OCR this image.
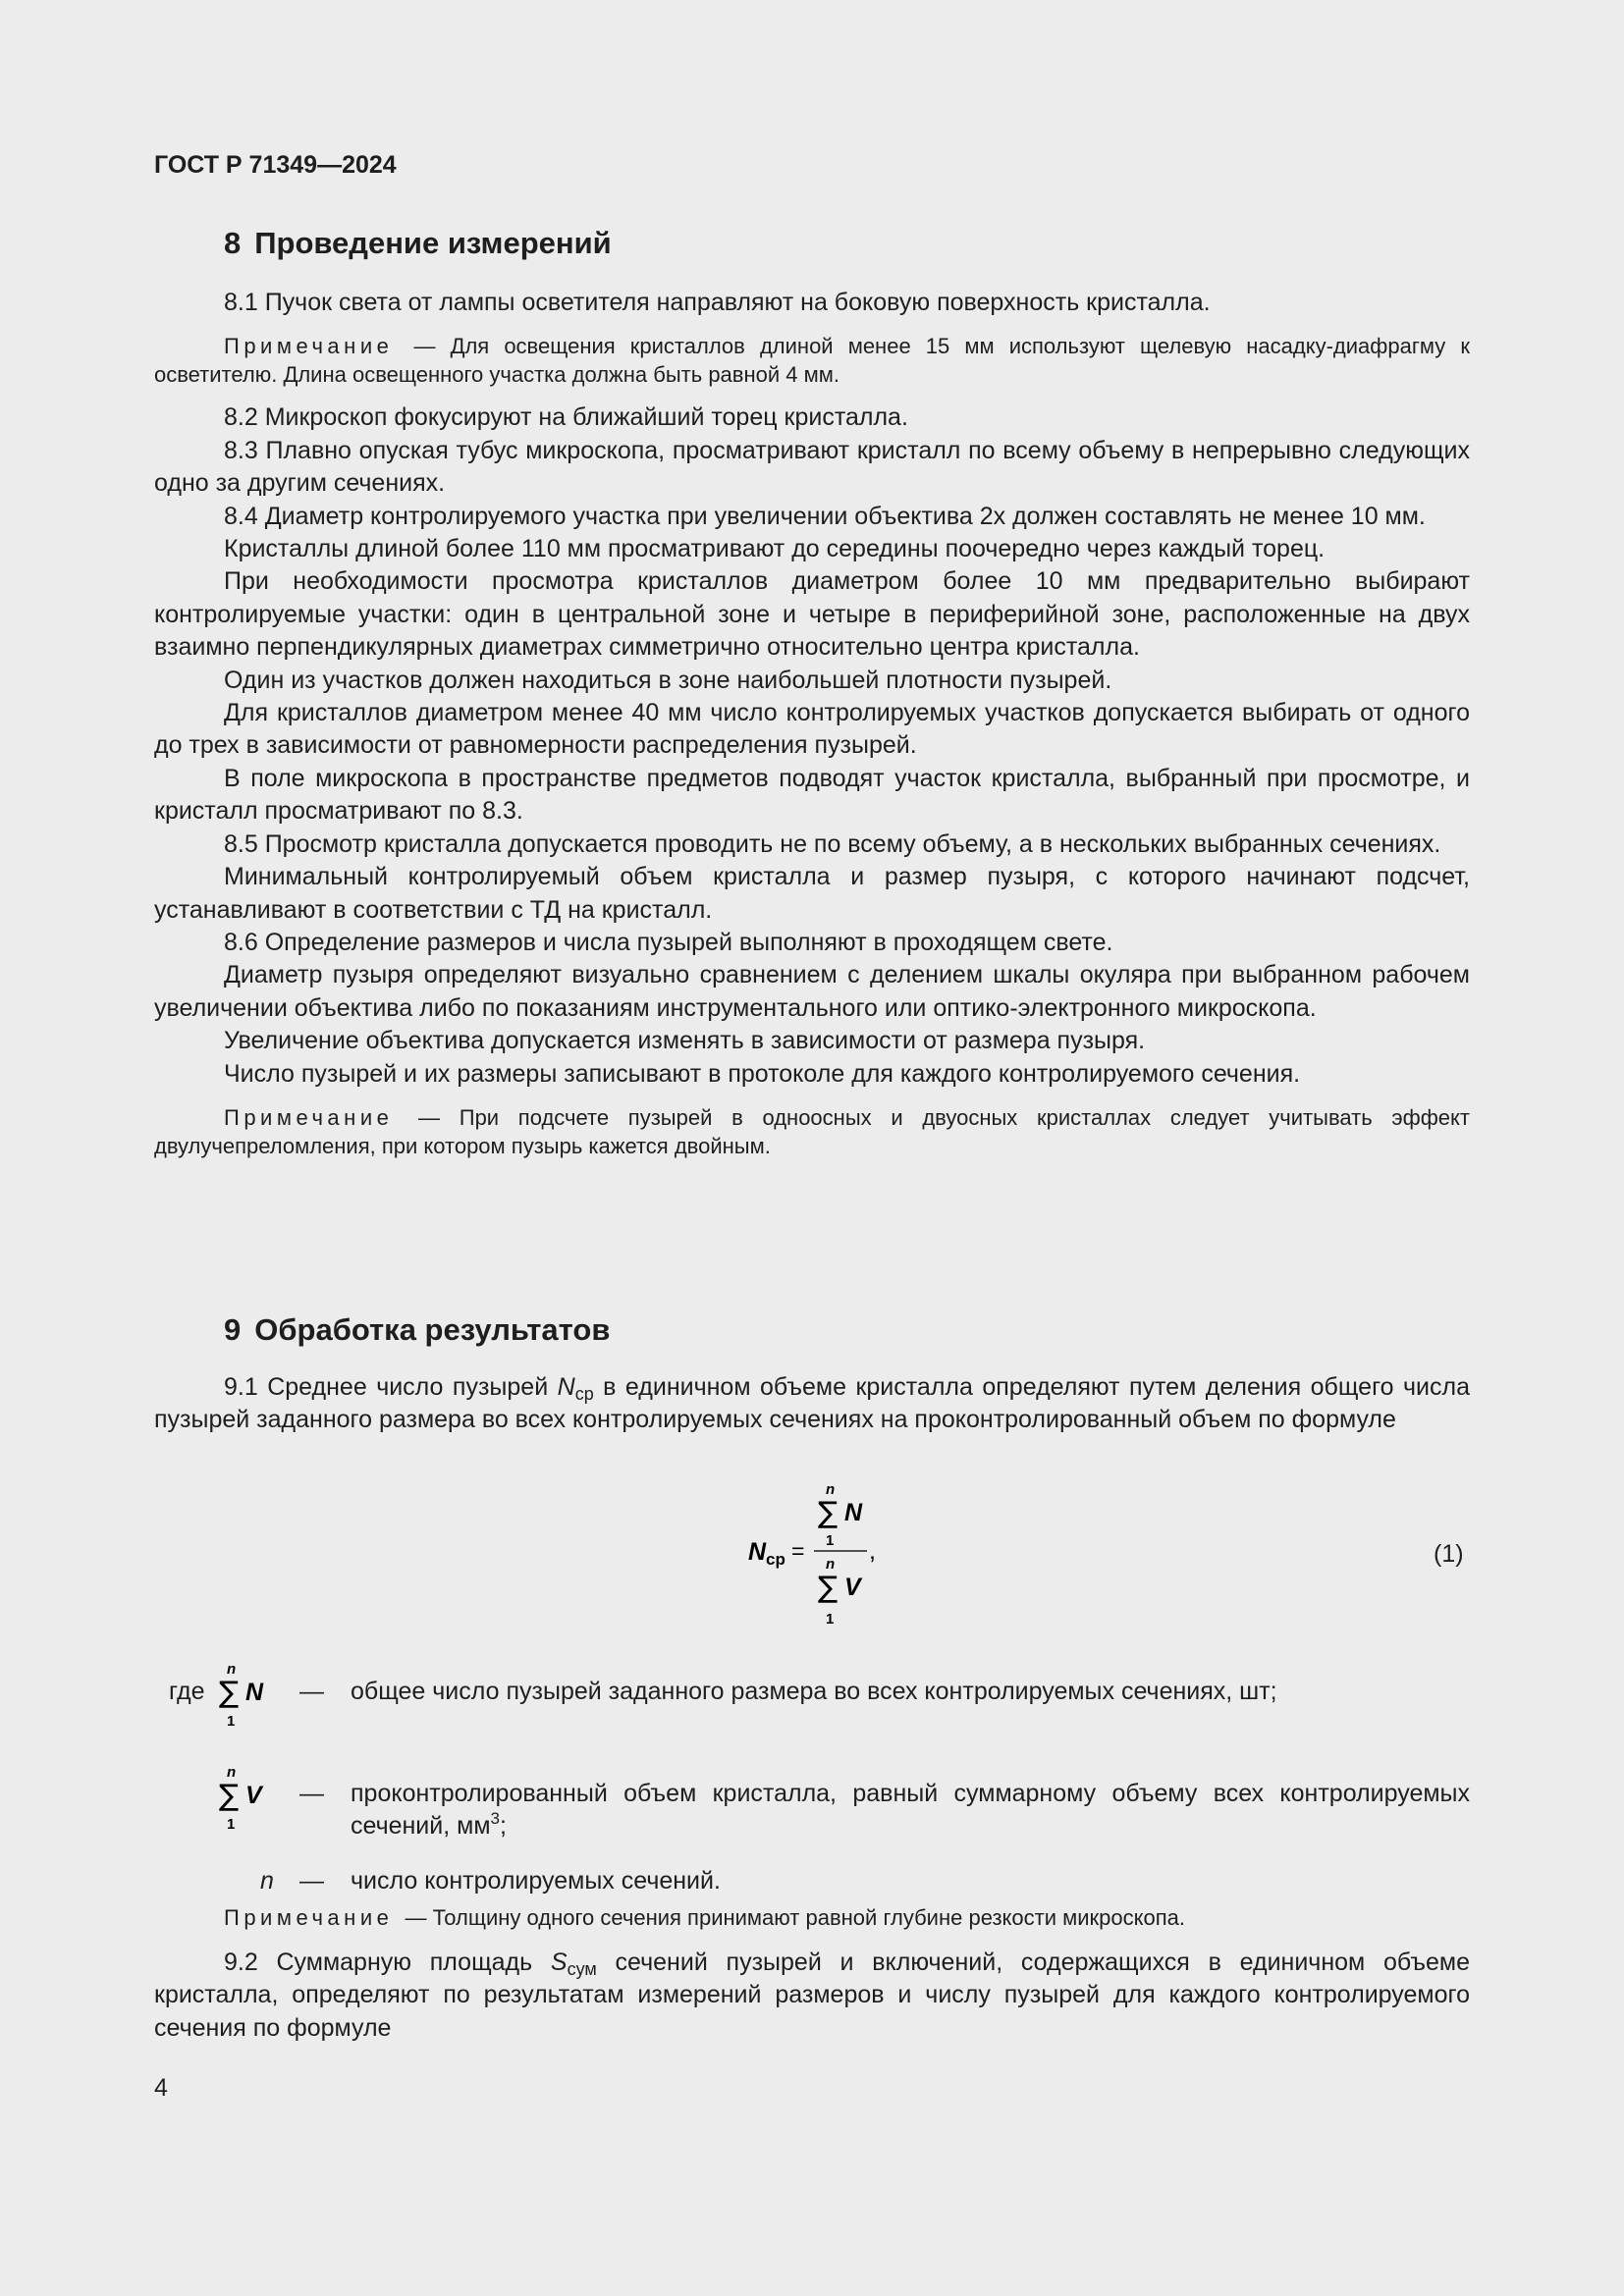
ГОСТ Р 71349—2024
8 Проведение измерений

8.1 Пучок света от лампы осветителя направляют на боковую поверхность кристалла.

Примечание — Для освещения кристаллов длиной менее 15 мм используют щелевую насадку-диафрагму к осветителю. Длина освещенного участка должна быть равной 4 мм.

8.2 Микроскоп фокусируют на ближайший торец кристалла.

8.3 Плавно опуская тубус микроскопа, просматривают кристалл по всему объему в непрерывно следующих одно за другим сечениях.

8.4 Диаметр контролируемого участка при увеличении объектива 2х должен составлять не менее 10 мм.

Кристаллы длиной более 110 мм просматривают до середины поочередно через каждый торец.

При необходимости просмотра кристаллов диаметром более 10 мм предварительно выбирают контролируемые участки: один в центральной зоне и четыре в периферийной зоне, расположенные на двух взаимно перпендикулярных диаметрах симметрично относительно центра кристалла.

Один из участков должен находиться в зоне наибольшей плотности пузырей.

Для кристаллов диаметром менее 40 мм число контролируемых участков допускается выбирать от одного до трех в зависимости от равномерности распределения пузырей.

В поле микроскопа в пространстве предметов подводят участок кристалла, выбранный при просмотре, и кристалл просматривают по 8.3.

8.5 Просмотр кристалла допускается проводить не по всему объему, а в нескольких выбранных сечениях.

Минимальный контролируемый объем кристалла и размер пузыря, с которого начинают подсчет, устанавливают в соответствии с ТД на кристалл.

8.6 Определение размеров и числа пузырей выполняют в проходящем свете.

Диаметр пузыря определяют визуально сравнением с делением шкалы окуляра при выбранном рабочем увеличении объектива либо по показаниям инструментального или оптико-электронного микроскопа.

Увеличение объектива допускается изменять в зависимости от размера пузыря.

Число пузырей и их размеры записывают в протоколе для каждого контролируемого сечения.

Примечание — При подсчете пузырей в одноосных и двуосных кристаллах следует учитывать эффект двулучепреломления, при котором пузырь кажется двойным.

9 Обработка результатов

9.1 Среднее число пузырей $N_{ср}$ в единичном объеме кристалла определяют путем деления общего числа пузырей заданного размера во всех контролируемых сечениях на проконтролированный объем по формуле

N ср =
n
∑ N
1 ,
n
∑ V
1
(1)
где
n
∑ N
1
— общее число пузырей заданного размера во всех контролируемых сечениях, шт;
n
∑ V
1
— проконтролированный объем кристалла, равный суммарному объему всех контролируемых сечений, $мм^3$;
n — число контролируемых сечений.

Примечание — Толщину одного сечения принимают равной глубине резкости микроскопа.

9.2 Суммарную площадь $S_{сум}$ сечений пузырей и включений, содержащихся в единичном объеме кристалла, определяют по результатам измерений размеров и числу пузырей для каждого контролируемого сечения по формуле

4
